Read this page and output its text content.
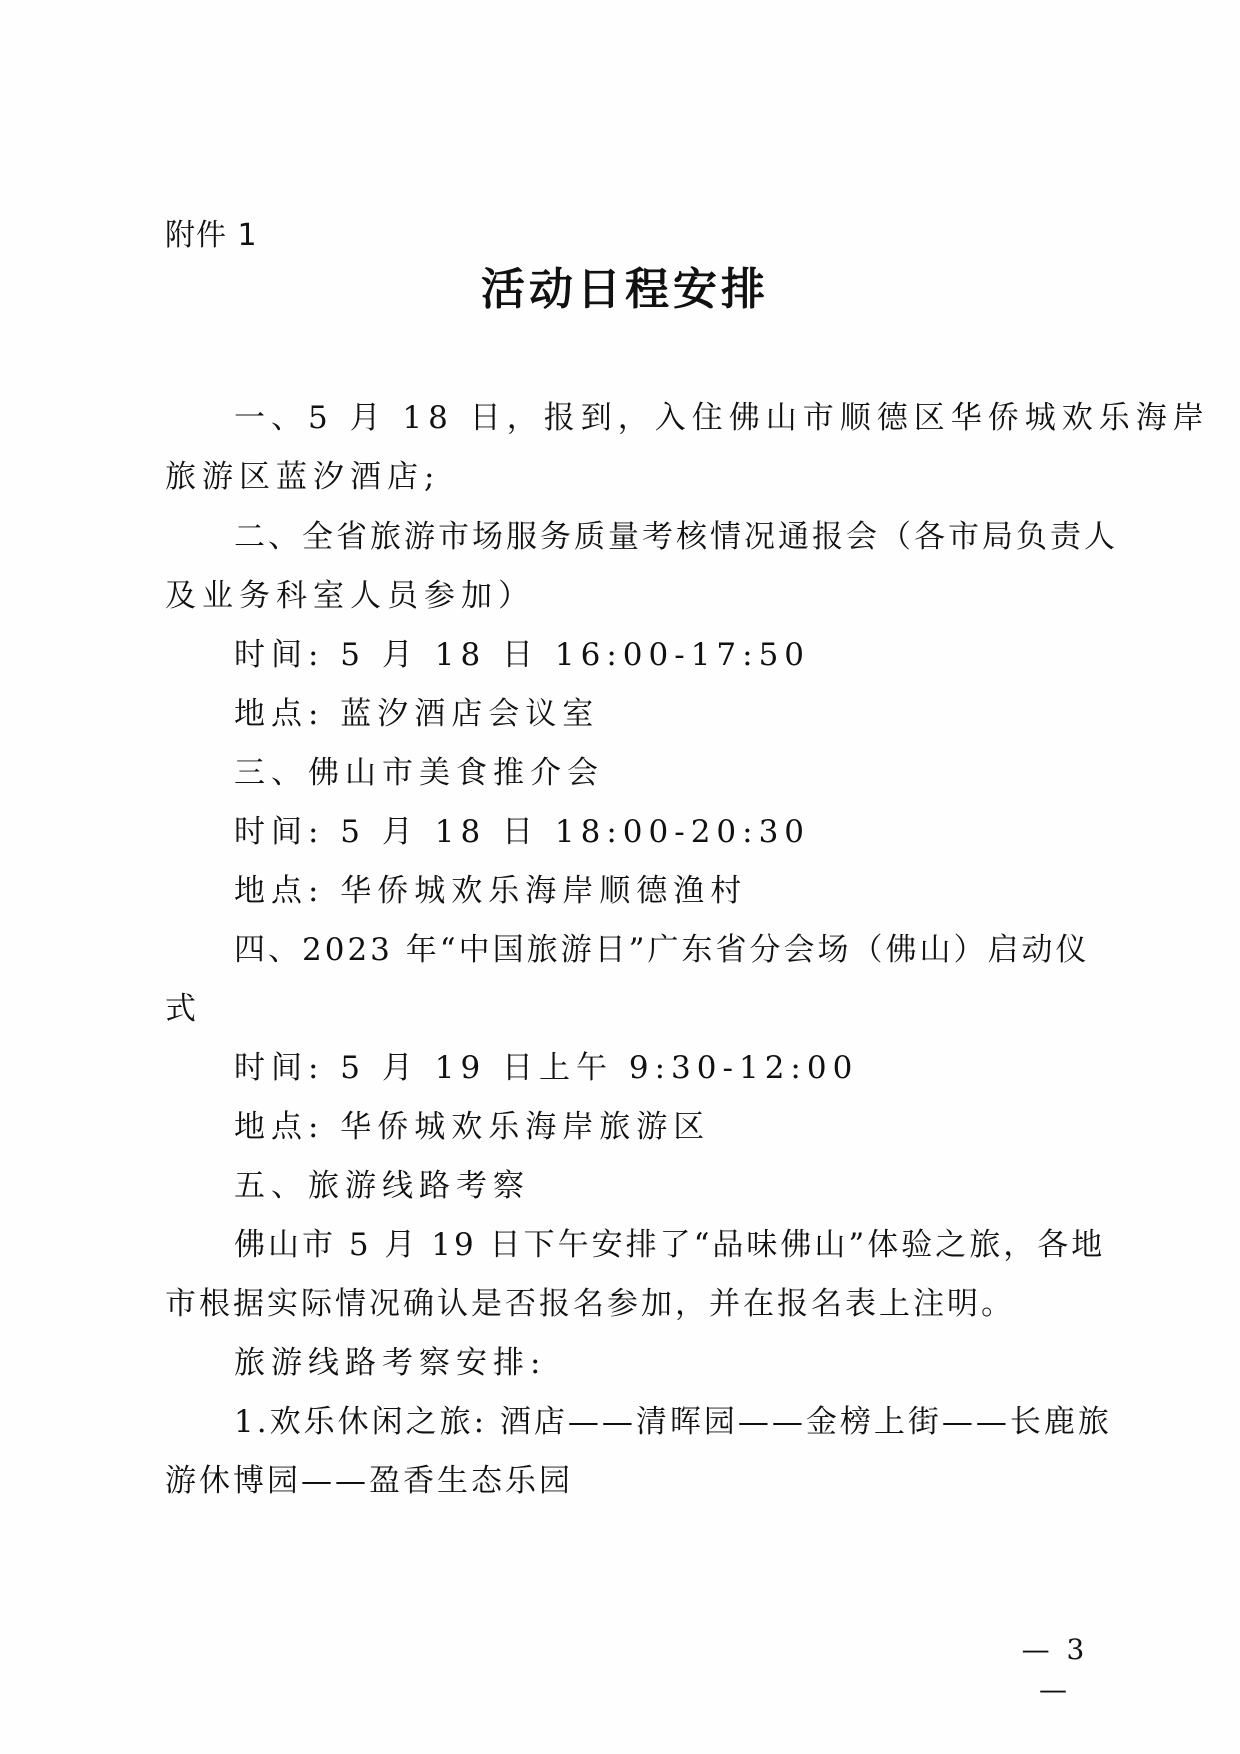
附件 1
活动日程安排
一、5 月 18 日，报到，入住佛山市顺德区华侨城欢乐海岸
旅游区蓝汐酒店;
二、全省旅游市场服务质量考核情况通报会（各市局负责人
及业务科室人员参加）
时间: 5 月 18 日 16:00-17:50
地点: 蓝汐酒店会议室
三、佛山市美食推介会
时间: 5 月 18 日 18:00-20:30
地点: 华侨城欢乐海岸顺德渔村
四、2023 年“中国旅游日”广东省分会场（佛山）启动仪
式
时间: 5 月 19 日上午 9:30-12:00
地点: 华侨城欢乐海岸旅游区
五、旅游线路考察
佛山市 5 月 19 日下午安排了“品味佛山”体验之旅，各地
市根据实际情况确认是否报名参加，并在报名表上注明。
旅游线路考察安排:
1.欢乐休闲之旅: 酒店——清晖园——金榜上街——长鹿旅
游休博园——盈香生态乐园
— 3 —
